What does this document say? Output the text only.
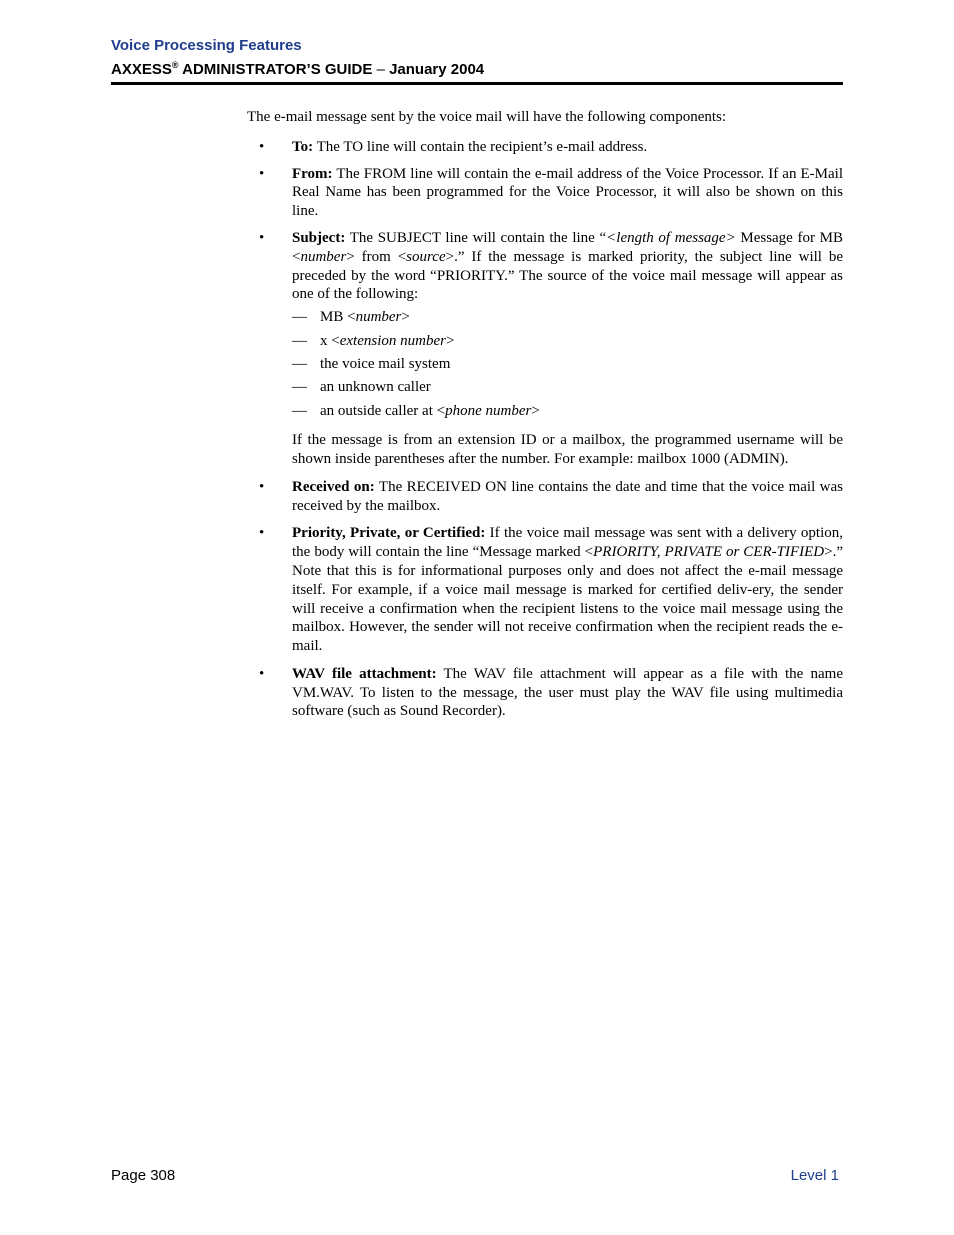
Voice Processing Features
AXXESS® ADMINISTRATOR’S GUIDE – January 2004

The e-mail message sent by the voice mail will have the following components:

• To: The TO line will contain the recipient’s e-mail address.
• From: The FROM line will contain the e-mail address of the Voice Processor. If an E-Mail Real Name has been programmed for the Voice Processor, it will also be shown on this line.
• Subject: The SUBJECT line will contain the line “<length of message> Message for MB <number> from <source>.” If the message is marked priority, the subject line will be preceded by the word “PRIORITY.” The source of the voice mail message will appear as one of the following:
— MB <number>
— x <extension number>
— the voice mail system
— an unknown caller
— an outside caller at <phone number>
If the message is from an extension ID or a mailbox, the programmed username will be shown inside parentheses after the number. For example: mailbox 1000 (ADMIN).
• Received on: The RECEIVED ON line contains the date and time that the voice mail was received by the mailbox.
• Priority, Private, or Certified: If the voice mail message was sent with a delivery option, the body will contain the line “Message marked <PRIORITY, PRIVATE or CER-TIFIED>.” Note that this is for informational purposes only and does not affect the e-mail message itself. For example, if a voice mail message is marked for certified deliv-ery, the sender will receive a confirmation when the recipient listens to the voice mail message using the mailbox. However, the sender will not receive confirmation when the recipient reads the e-mail.
• WAV file attachment: The WAV file attachment will appear as a file with the name VM.WAV. To listen to the message, the user must play the WAV file using multimedia software (such as Sound Recorder).
Page 308	Level 1
